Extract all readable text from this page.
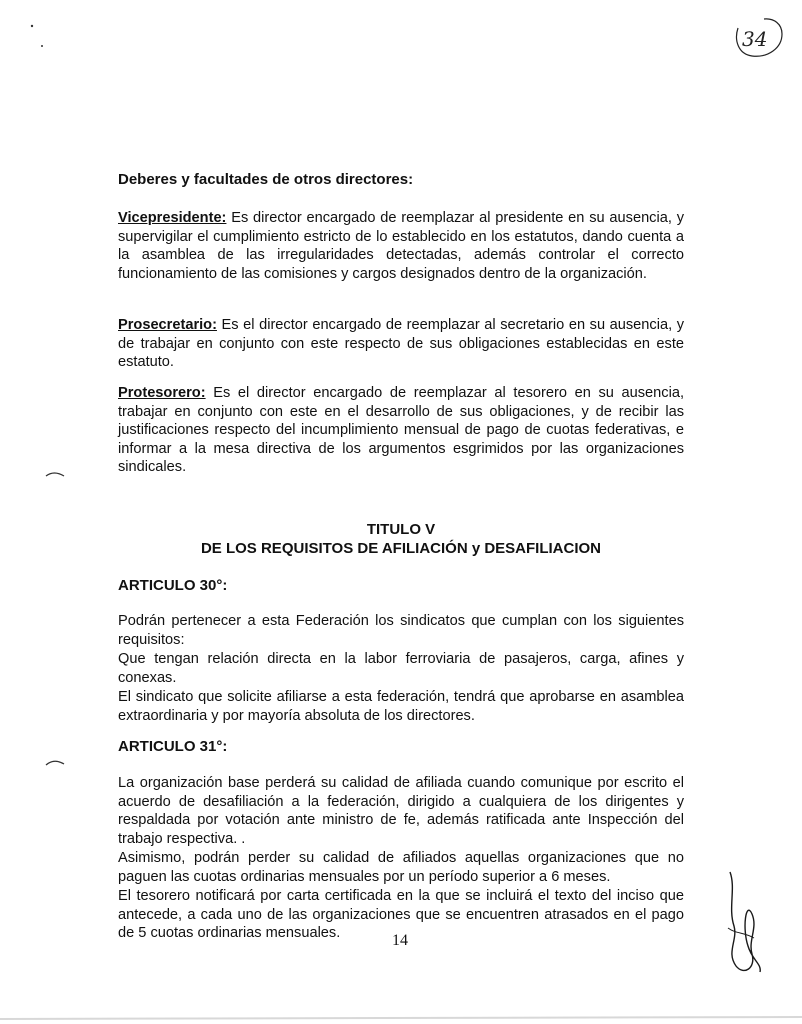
34
Deberes y facultades de otros directores:
Vicepresidente: Es director encargado de reemplazar al presidente en su ausencia, y supervigilar el cumplimiento estricto de lo establecido en los estatutos, dando cuenta a la asamblea de las irregularidades detectadas, además controlar el correcto funcionamiento de las comisiones y cargos designados dentro de la organización.
Prosecretario: Es el director encargado de reemplazar al secretario en su ausencia, y de trabajar en conjunto con este respecto de sus obligaciones establecidas en este estatuto.
Protesorero: Es el director encargado de reemplazar al tesorero en su ausencia, trabajar en conjunto con este en el desarrollo de sus obligaciones, y de recibir las justificaciones respecto del incumplimiento mensual de pago de cuotas federativas, e informar a la mesa directiva de los argumentos esgrimidos por las organizaciones sindicales.
TITULO V
DE LOS REQUISITOS DE AFILIACIÓN y DESAFILIACION
ARTICULO 30°:
Podrán pertenecer a esta Federación los sindicatos que cumplan con los siguientes requisitos:
Que tengan relación directa en la labor ferroviaria de pasajeros, carga, afines y conexas.
El sindicato que solicite afiliarse a esta federación, tendrá que aprobarse en asamblea extraordinaria y por mayoría absoluta de los directores.
ARTICULO 31°:
La organización base perderá su calidad de afiliada cuando comunique por escrito el acuerdo de desafiliación a la federación, dirigido a cualquiera de los dirigentes y respaldada por votación ante ministro de fe, además ratificada ante Inspección del trabajo respectiva. .
Asimismo, podrán perder su calidad de afiliados aquellas organizaciones que no paguen las cuotas ordinarias mensuales por un período superior a 6 meses.
El tesorero notificará por carta certificada en la que se incluirá el texto del inciso que antecede, a cada uno de las organizaciones que se encuentren atrasados en el pago de 5 cuotas ordinarias mensuales.	14
